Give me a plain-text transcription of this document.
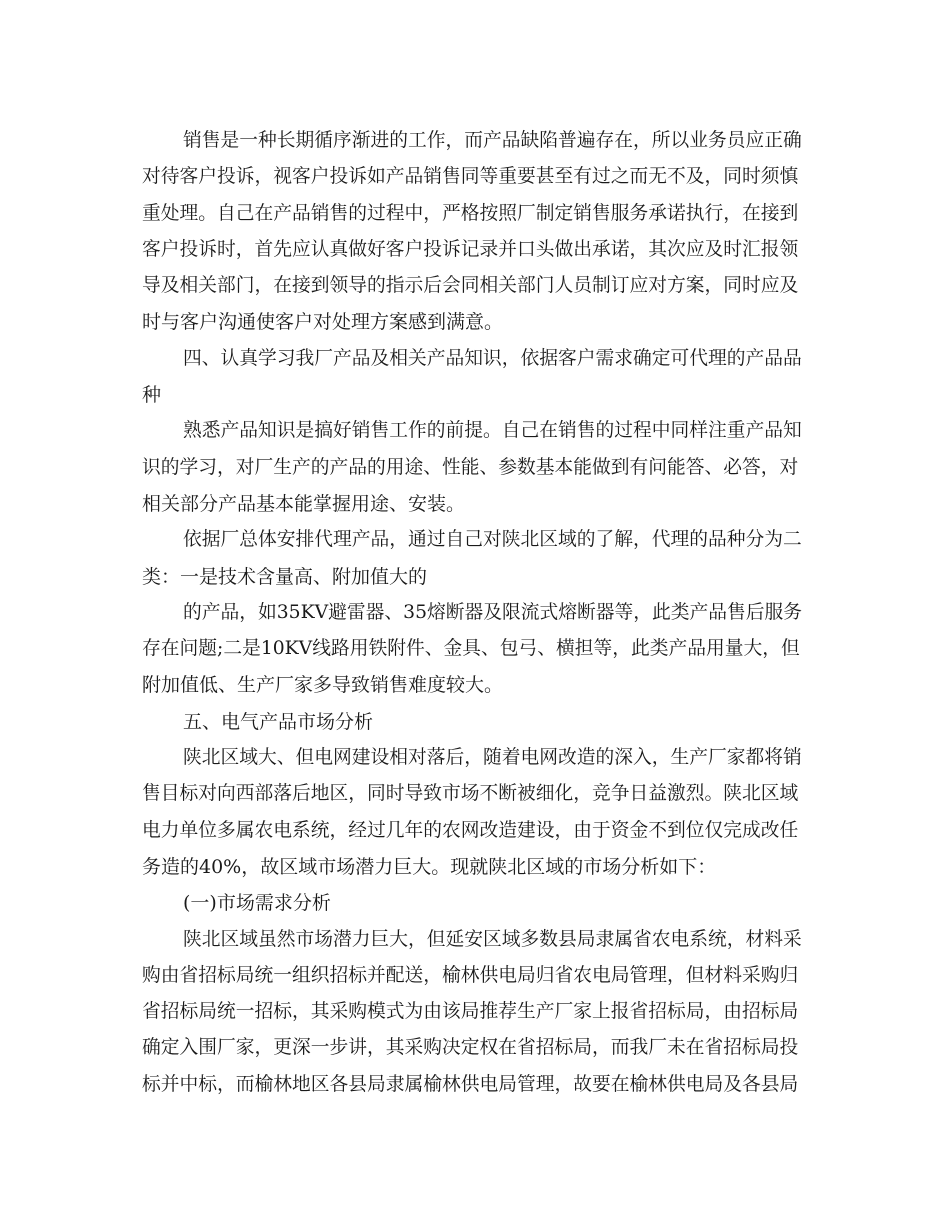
销售是一种长期循序渐进的工作，而产品缺陷普遍存在，所以业务员应正确
对待客户投诉，视客户投诉如产品销售同等重要甚至有过之而无不及，同时须慎
重处理。自己在产品销售的过程中，严格按照厂制定销售服务承诺执行，在接到
客户投诉时，首先应认真做好客户投诉记录并口头做出承诺，其次应及时汇报领
导及相关部门，在接到领导的指示后会同相关部门人员制订应对方案，同时应及
时与客户沟通使客户对处理方案感到满意。
四、认真学习我厂产品及相关产品知识，依据客户需求确定可代理的产品品
种
熟悉产品知识是搞好销售工作的前提。自己在销售的过程中同样注重产品知
识的学习，对厂生产的产品的用途、性能、参数基本能做到有问能答、必答，对
相关部分产品基本能掌握用途、安装。
依据厂总体安排代理产品，通过自己对陕北区域的了解，代理的品种分为二
类：一是技术含量高、附加值大的
的产品，如35KV避雷器、35熔断器及限流式熔断器等，此类产品售后服务
存在问题;二是10KV线路用铁附件、金具、包弓、横担等，此类产品用量大，但
附加值低、生产厂家多导致销售难度较大。
五、电气产品市场分析
陕北区域大、但电网建设相对落后，随着电网改造的深入，生产厂家都将销
售目标对向西部落后地区，同时导致市场不断被细化，竞争日益激烈。陕北区域
电力单位多属农电系统，经过几年的农网改造建设，由于资金不到位仅完成改任
务造的40%，故区域市场潜力巨大。现就陕北区域的市场分析如下：
(一)市场需求分析
陕北区域虽然市场潜力巨大，但延安区域多数县局隶属省农电系统，材料采
购由省招标局统一组织招标并配送，榆林供电局归省农电局管理，但材料采购归
省招标局统一招标，其采购模式为由该局推荐生产厂家上报省招标局，由招标局
确定入围厂家，更深一步讲，其采购决定权在省招标局，而我厂未在省招标局投
标并中标，而榆林地区各县局隶属榆林供电局管理，故要在榆林供电局及各县局
